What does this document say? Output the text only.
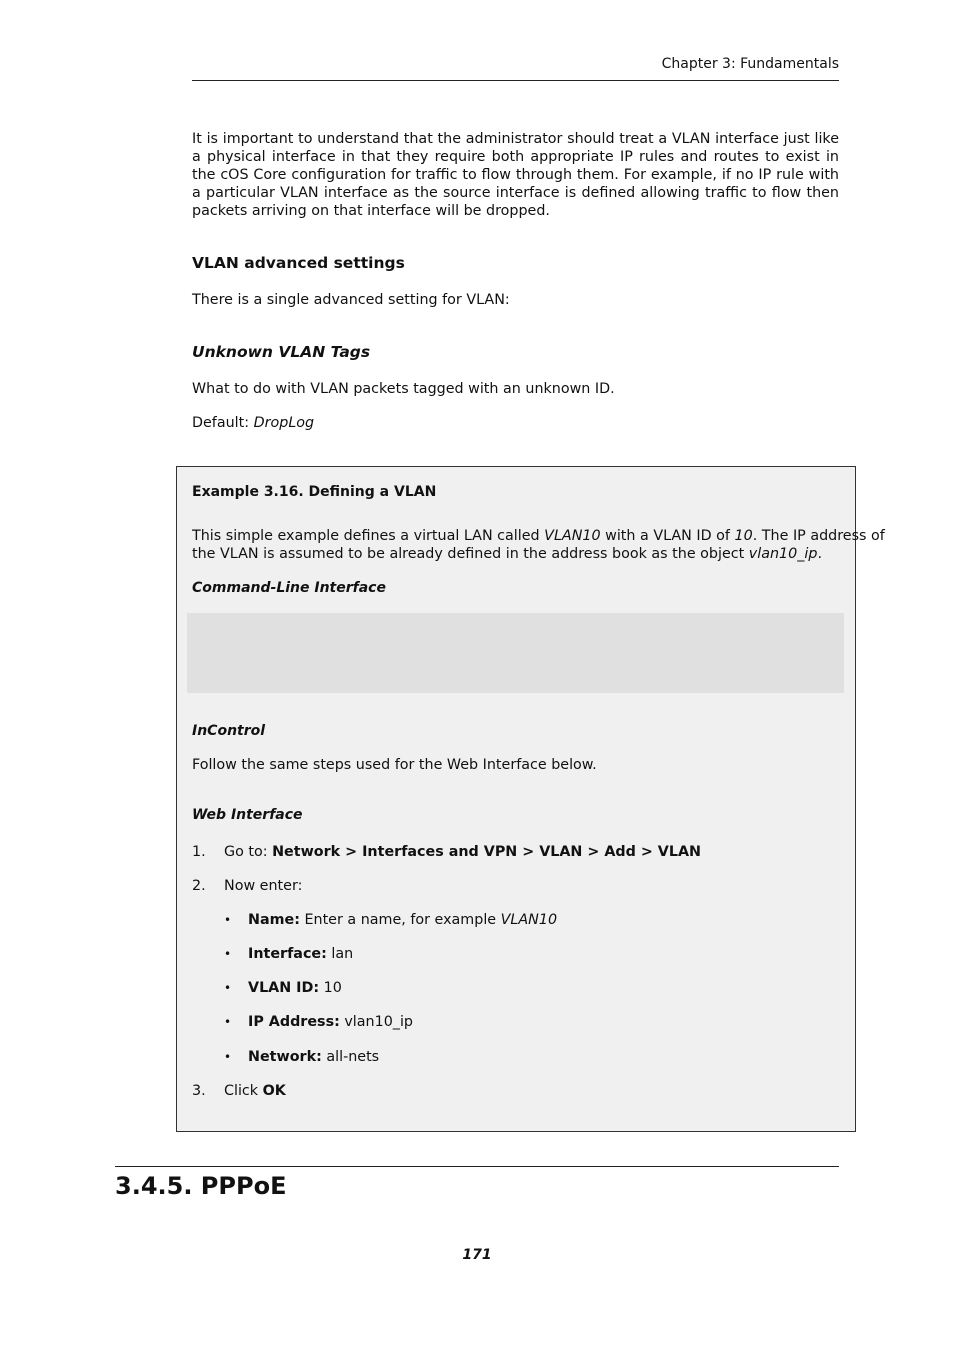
Chapter 3: Fundamentals
It is important to understand that the administrator should treat a VLAN interface just like a physical interface in that they require both appropriate IP rules and routes to exist in the cOS Core configuration for traffic to flow through them. For example, if no IP rule with a particular VLAN interface as the source interface is defined allowing traffic to flow then packets arriving on that interface will be dropped.
VLAN advanced settings
There is a single advanced setting for VLAN:
Unknown VLAN Tags
What to do with VLAN packets tagged with an unknown ID.
Default: DropLog
Example 3.16. Defining a VLAN
This simple example defines a virtual LAN called VLAN10 with a VLAN ID of 10. The IP address of
the VLAN is assumed to be already defined in the address book as the object vlan10_ip.
Command-Line Interface
InControl
Follow the same steps used for the Web Interface below.
Web Interface
1. Go to: Network > Interfaces and VPN > VLAN > Add > VLAN
2. Now enter:
• Name: Enter a name, for example VLAN10
• Interface: lan
• VLAN ID: 10
• IP Address: vlan10_ip
• Network: all-nets
3. Click OK
3.4.5. PPPoE
171
